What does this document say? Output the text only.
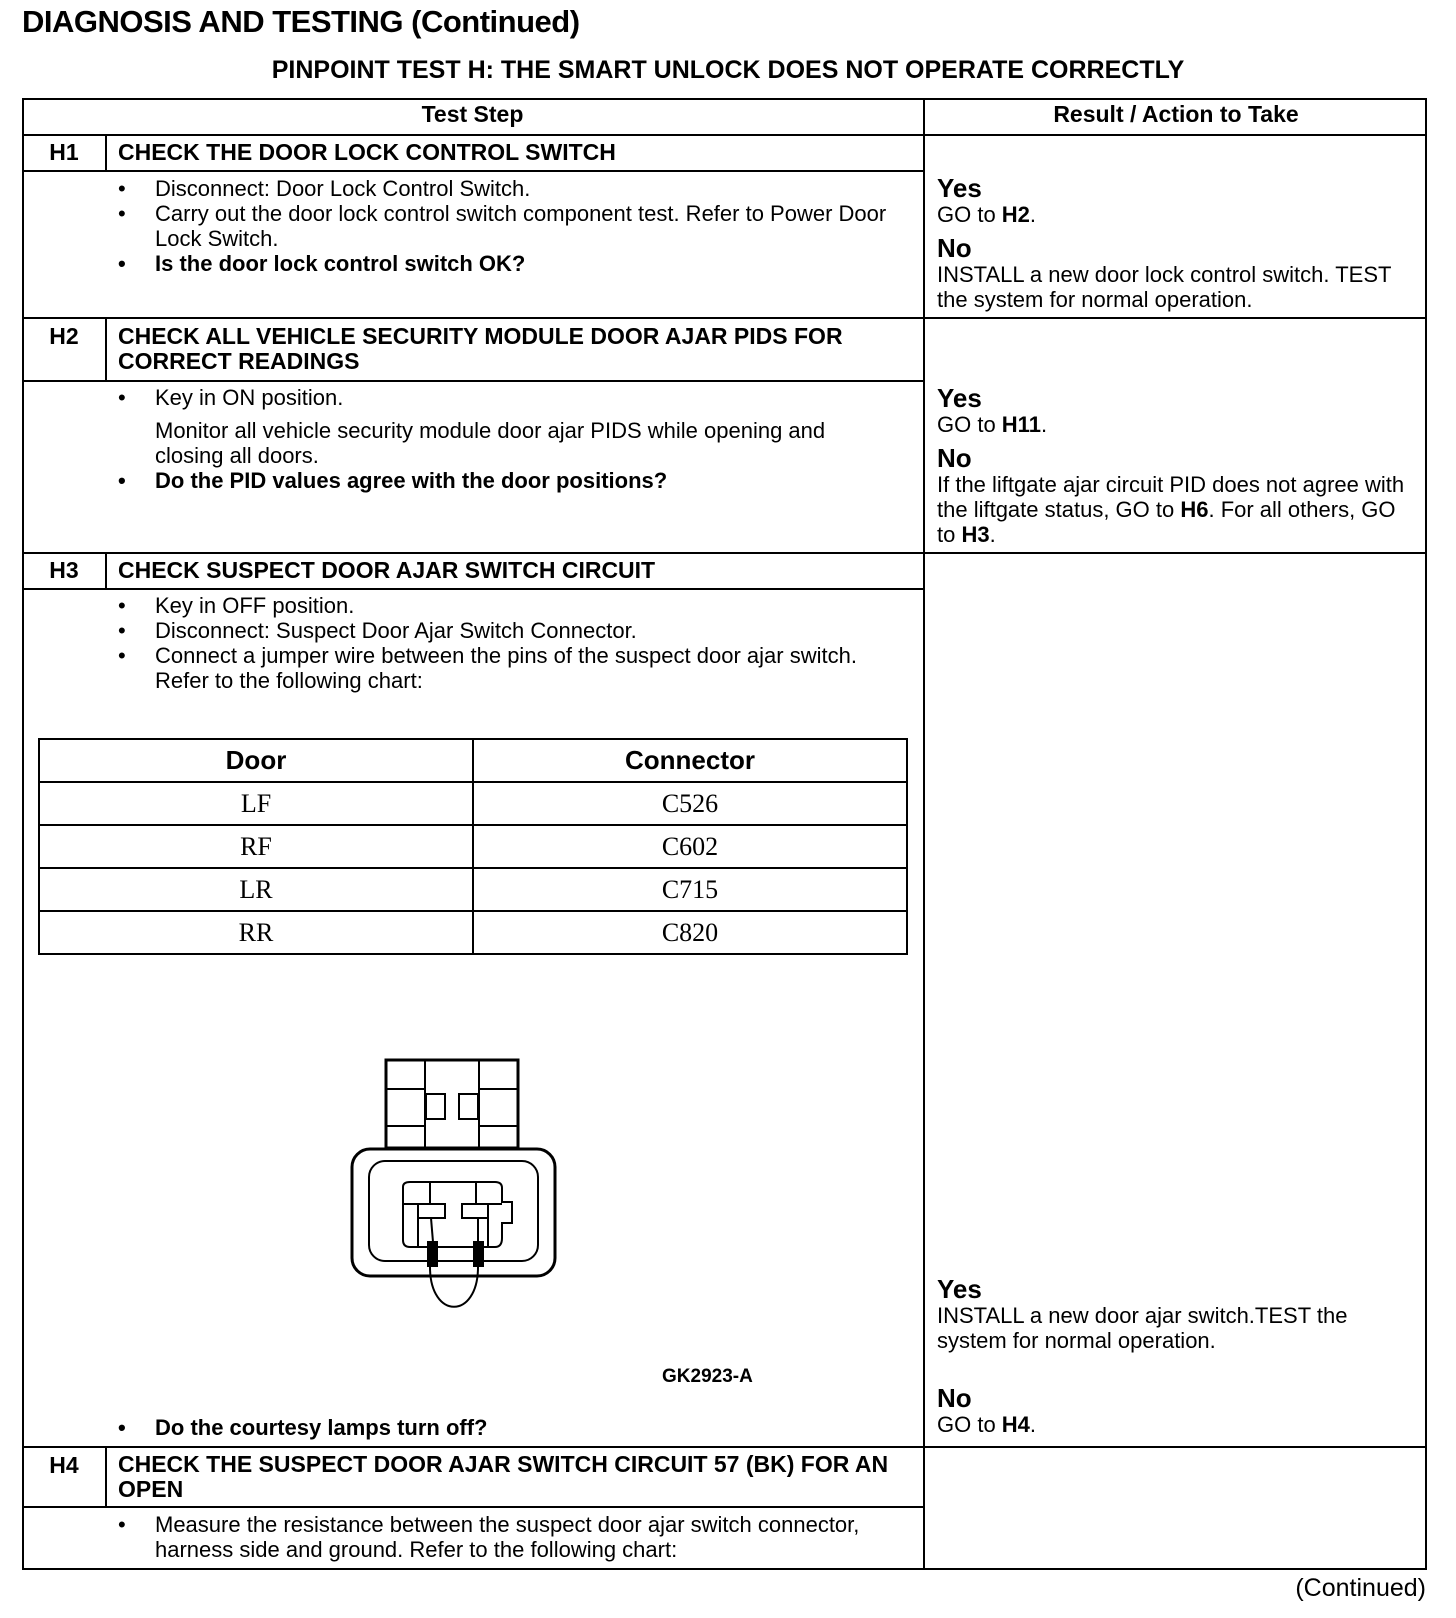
DIAGNOSIS AND TESTING (Continued)
PINPOINT TEST H: THE SMART UNLOCK DOES NOT OPERATE CORRECTLY
Test Step	Result / Action to Take
H1	CHECK THE DOOR LOCK CONTROL SWITCH
• Disconnect: Door Lock Control Switch.
• Carry out the door lock control switch component test. Refer to Power Door Lock Switch.
• Is the door lock control switch OK?
Yes
GO to H2.
No
INSTALL a new door lock control switch. TEST the system for normal operation.
H2	CHECK ALL VEHICLE SECURITY MODULE DOOR AJAR PIDS FOR CORRECT READINGS
• Key in ON position.
Monitor all vehicle security module door ajar PIDS while opening and closing all doors.
• Do the PID values agree with the door positions?
Yes
GO to H11.
No
If the liftgate ajar circuit PID does not agree with the liftgate status, GO to H6. For all others, GO to H3.
H3	CHECK SUSPECT DOOR AJAR SWITCH CIRCUIT
• Key in OFF position.
• Disconnect: Suspect Door Ajar Switch Connector.
• Connect a jumper wire between the pins of the suspect door ajar switch. Refer to the following chart:
Door	Connector
LF	C526
RF	C602
LR	C715
RR	C820
GK2923-A
• Do the courtesy lamps turn off?
Yes
INSTALL a new door ajar switch.TEST the system for normal operation.
No
GO to H4.
H4	CHECK THE SUSPECT DOOR AJAR SWITCH CIRCUIT 57 (BK) FOR AN OPEN
• Measure the resistance between the suspect door ajar switch connector, harness side and ground. Refer to the following chart:
(Continued)
